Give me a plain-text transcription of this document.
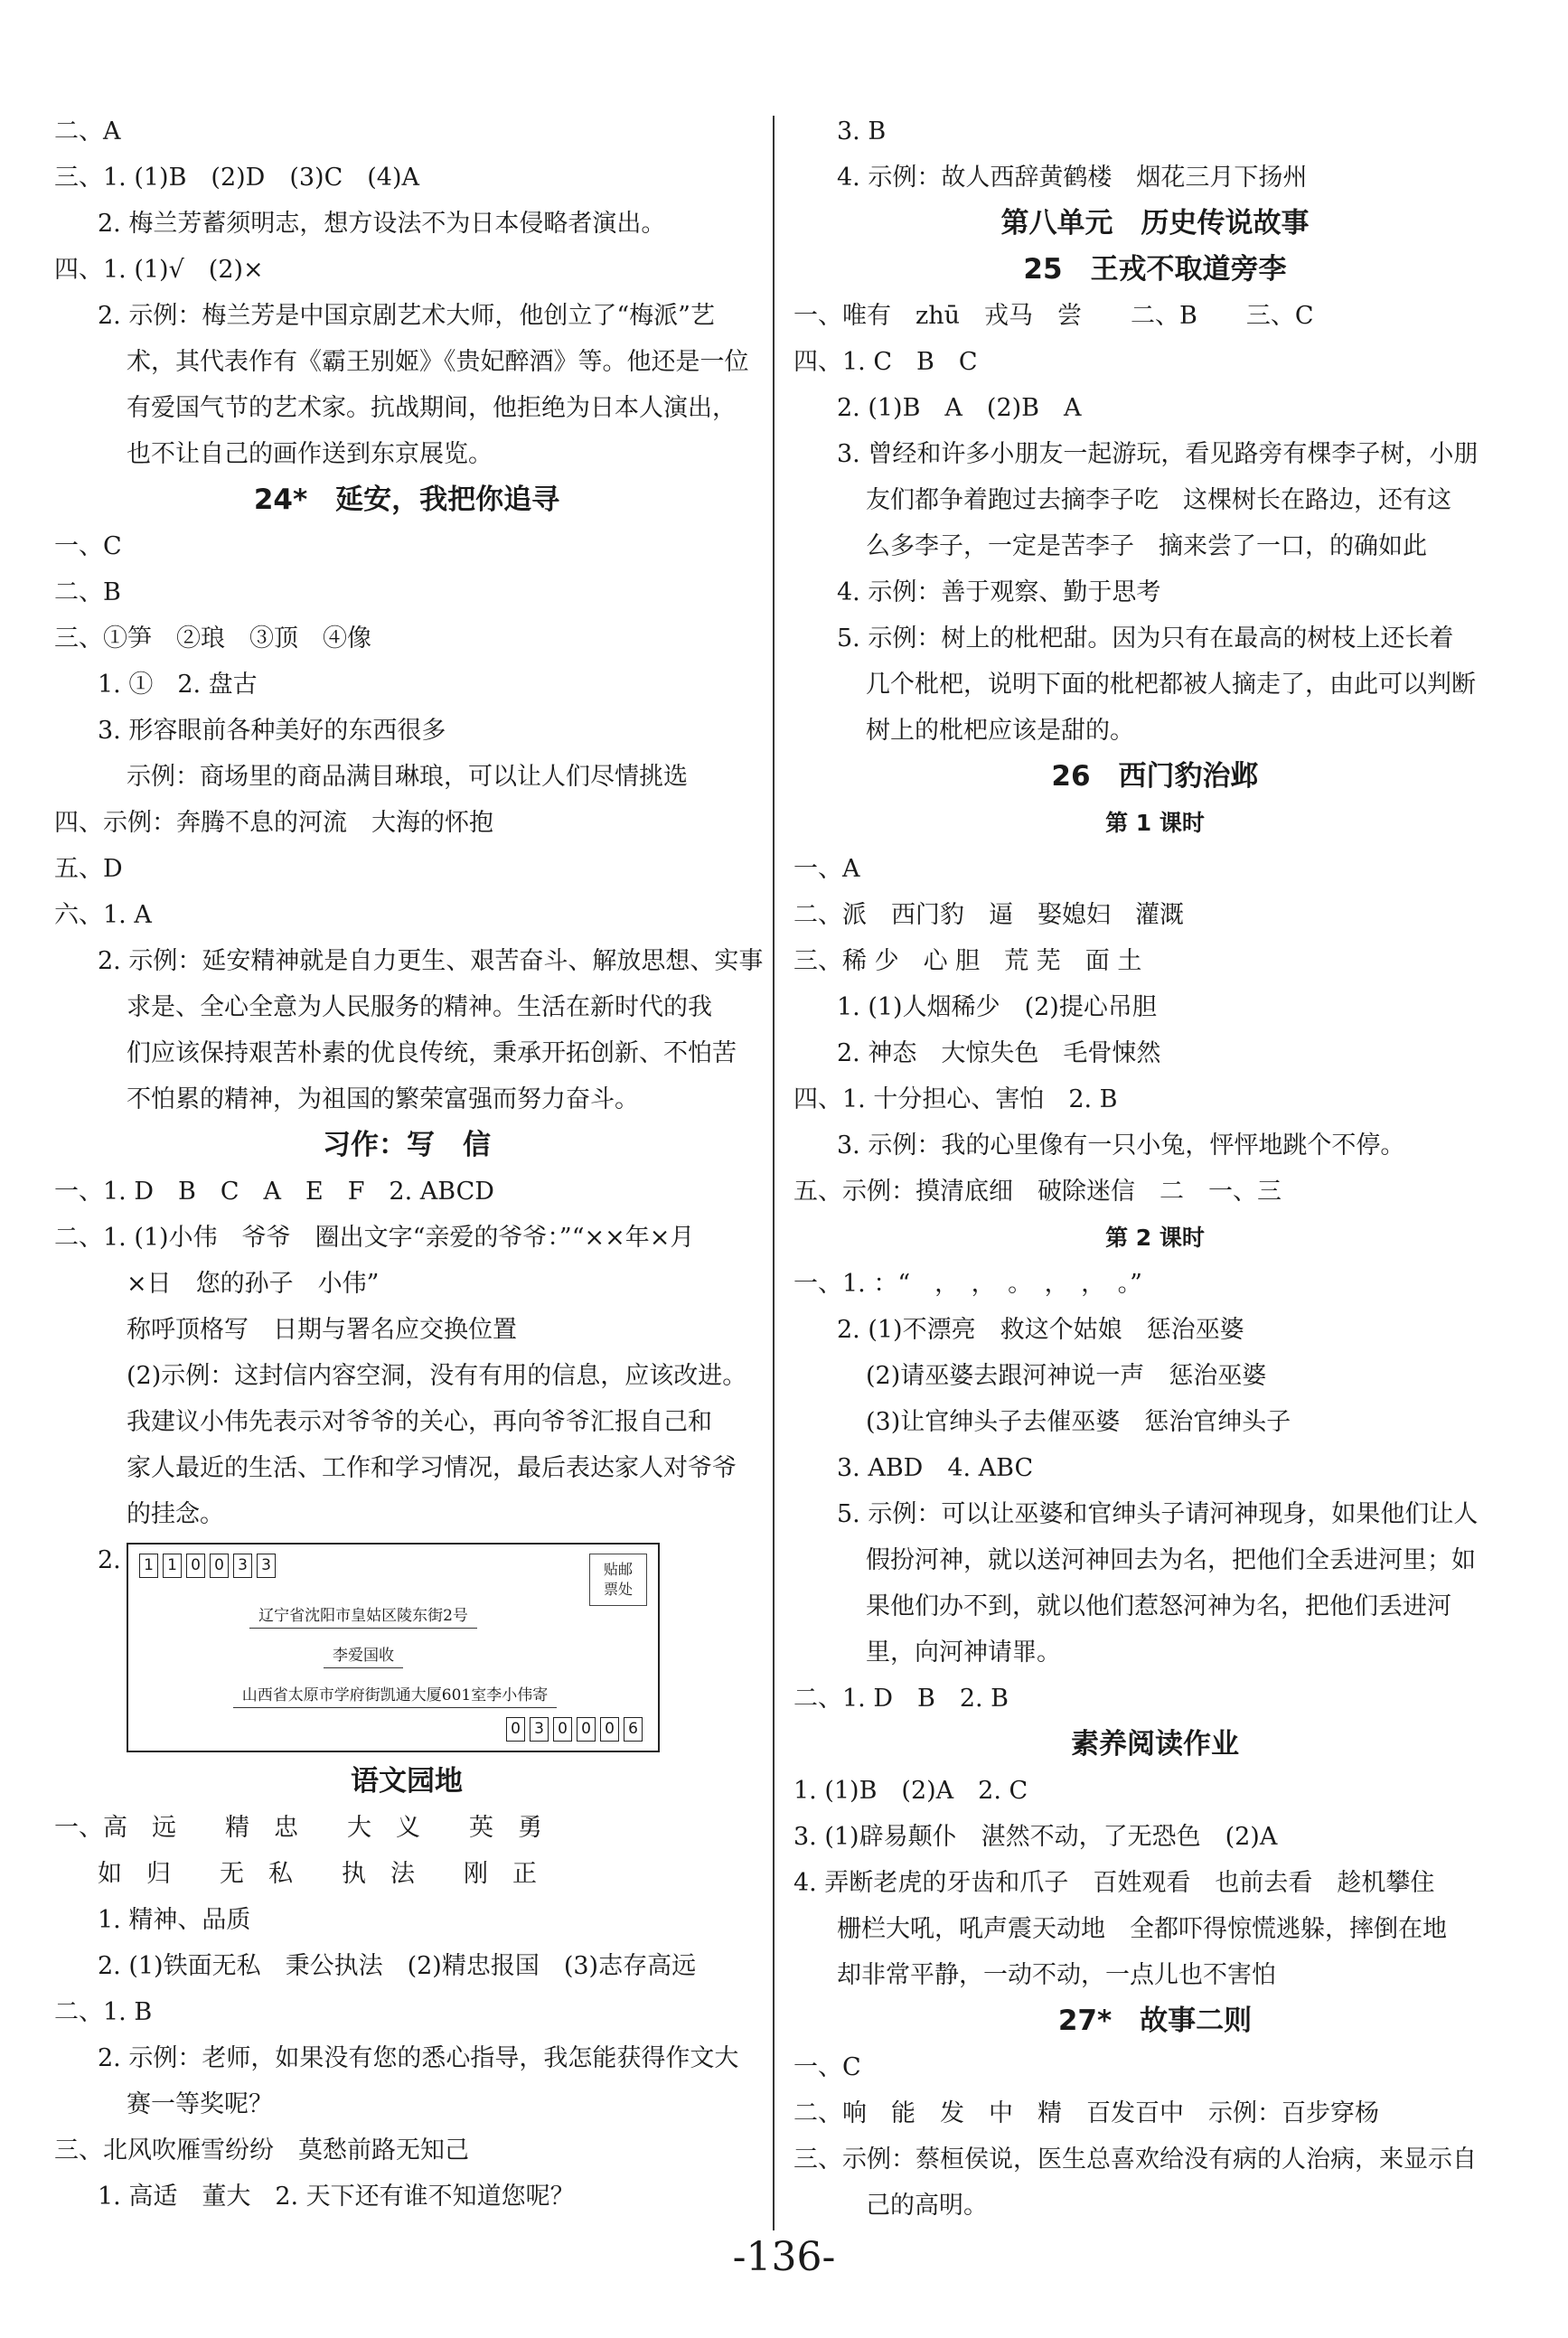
二、A
三、1. (1)B　(2)D　(3)C　(4)A
2. 梅兰芳蓄须明志，想方设法不为日本侵略者演出。
四、1. (1)√　(2)×
2. 示例：梅兰芳是中国京剧艺术大师，他创立了“梅派”艺
术，其代表作有《霸王别姬》《贵妃醉酒》等。他还是一位
有爱国气节的艺术家。抗战期间，他拒绝为日本人演出，
也不让自己的画作送到东京展览。
24*　延安，我把你追寻
一、C
二、B
三、①笋　②琅　③顶　④像
1. ①　2. 盘古
3. 形容眼前各种美好的东西很多
示例：商场里的商品满目琳琅，可以让人们尽情挑选
四、示例：奔腾不息的河流　大海的怀抱
五、D
六、1. A
2. 示例：延安精神就是自力更生、艰苦奋斗、解放思想、实事
求是、全心全意为人民服务的精神。生活在新时代的我
们应该保持艰苦朴素的优良传统，秉承开拓创新、不怕苦
不怕累的精神，为祖国的繁荣富强而努力奋斗。
习作：写　信
一、1. D　B　C　A　E　F　2. ABCD
二、1. (1)小伟　爷爷　圈出文字“亲爱的爷爷：”“××年×月
×日　您的孙子　小伟”
称呼顶格写　日期与署名应交换位置
(2)示例：这封信内容空洞，没有有用的信息，应该改进。
我建议小伟先表示对爷爷的关心，再向爷爷汇报自己和
家人最近的生活、工作和学习情况，最后表达家人对爷爷
的挂念。
2. 1 1 0 0 3 3	贴邮
票处
辽宁省沈阳市皇姑区陵东街2号
李爱国收
山西省太原市学府街凯通大厦601室李小伟寄
0 3 0 0 0 6
语文园地
一、高　远　　精　忠　　大　义　　英　勇
如　归　　无　私　　执　法　　刚　正
1. 精神、品质
2. (1)铁面无私　秉公执法　(2)精忠报国　(3)志存高远
二、1. B
2. 示例：老师，如果没有您的悉心指导，我怎能获得作文大
赛一等奖呢？
三、北风吹雁雪纷纷　莫愁前路无知己
1. 高适　董大　2. 天下还有谁不知道您呢？
3. B
4. 示例：故人西辞黄鹤楼　烟花三月下扬州
第八单元　历史传说故事
25　王戎不取道旁李
一、唯有　zhū　戎马　尝　　二、B　　三、C
四、1. C　B　C
2. (1)B　A　(2)B　A
3. 曾经和许多小朋友一起游玩，看见路旁有棵李子树，小朋
友们都争着跑过去摘李子吃　这棵树长在路边，还有这
么多李子，一定是苦李子　摘来尝了一口，的确如此
4. 示例：善于观察、勤于思考
5. 示例：树上的枇杷甜。因为只有在最高的树枝上还长着
几个枇杷，说明下面的枇杷都被人摘走了，由此可以判断
树上的枇杷应该是甜的。
26　西门豹治邺
第 1 课时
一、A
二、派　西门豹　逼　娶媳妇　灌溉
三、稀 少　心 胆　荒 芜　面 土
1. (1)人烟稀少　(2)提心吊胆
2. 神态　大惊失色　毛骨悚然
四、1. 十分担心、害怕　2. B
3. 示例：我的心里像有一只小兔，怦怦地跳个不停。
五、示例：摸清底细　破除迷信　二　一、三
第 2 课时
一、1. ：“　，　，　。　，　，　。”
2. (1)不漂亮　救这个姑娘　惩治巫婆
(2)请巫婆去跟河神说一声　惩治巫婆
(3)让官绅头子去催巫婆　惩治官绅头子
3. ABD　4. ABC
5. 示例：可以让巫婆和官绅头子请河神现身，如果他们让人
假扮河神，就以送河神回去为名，把他们全丢进河里；如
果他们办不到，就以他们惹怒河神为名，把他们丢进河
里，向河神请罪。
二、1. D　B　2. B
素养阅读作业
1. (1)B　(2)A　2. C
3. (1)辟易颠仆　湛然不动，了无恐色　(2)A
4. 弄断老虎的牙齿和爪子　百姓观看　也前去看　趁机攀住
栅栏大吼，吼声震天动地　全都吓得惊慌逃躲，摔倒在地
却非常平静，一动不动，一点儿也不害怕
27*　故事二则
一、C
二、响　能　发　中　精　百发百中　示例：百步穿杨
三、示例：蔡桓侯说，医生总喜欢给没有病的人治病，来显示自
己的高明。
-136-
